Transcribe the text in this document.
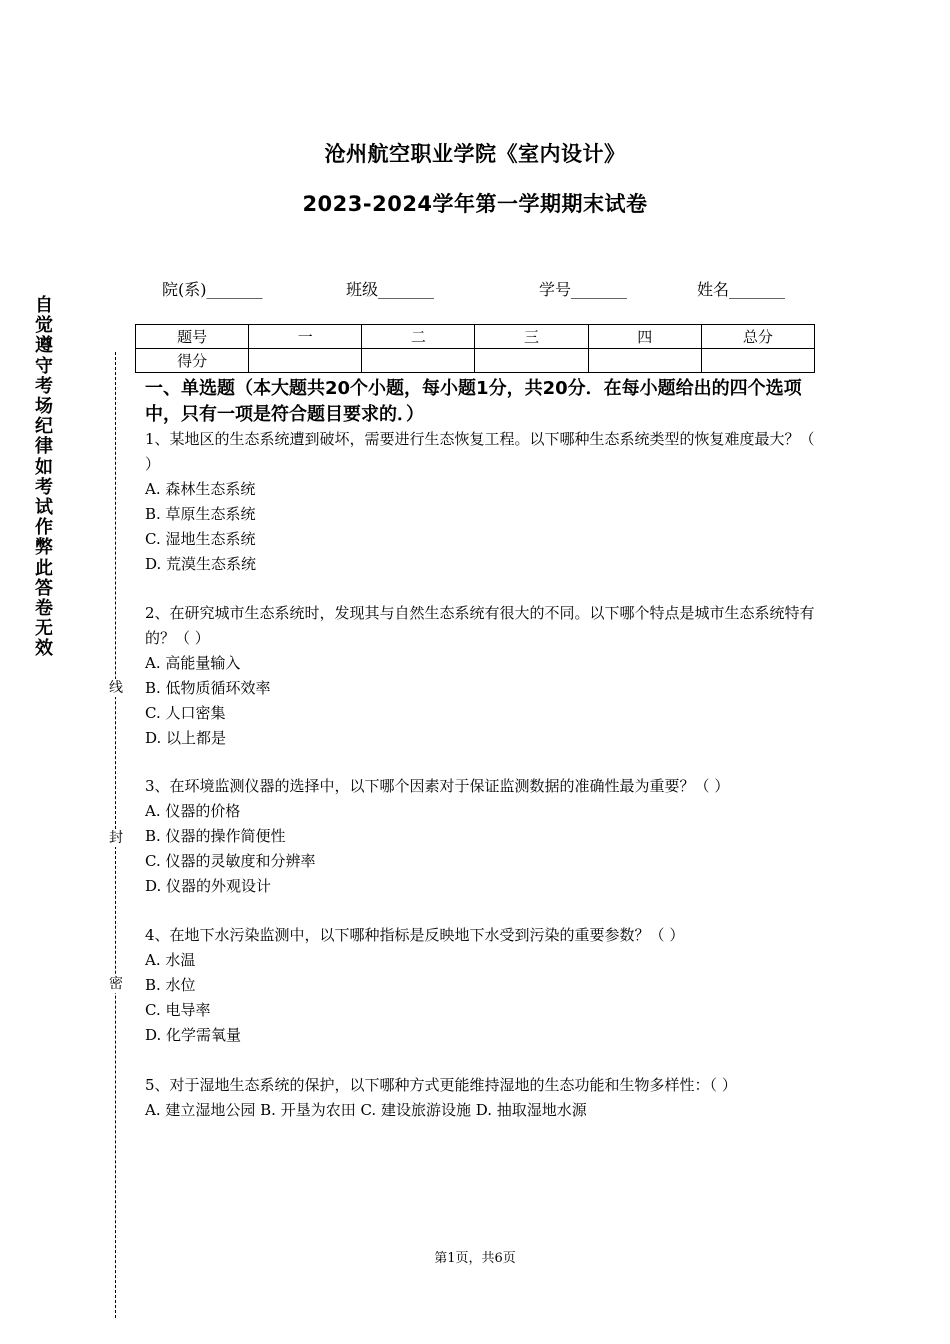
沧州航空职业学院《室内设计》
2023-2024学年第一学期期末试卷
院(系)_______	班级_______	学号_______	姓名_______
题号	一	二	三	四	总分
得分					
自觉遵守考场纪律如考试作弊此答卷无效
线
封
密
一、单选题（本大题共20个小题，每小题1分，共20分．在每小题给出的四个选项中，只有一项是符合题目要求的．）

1、某地区的生态系统遭到破坏，需要进行生态恢复工程。以下哪种生态系统类型的恢复难度最大？（ ）

A. 森林生态系统

B. 草原生态系统

C. 湿地生态系统

D. 荒漠生态系统

2、在研究城市生态系统时，发现其与自然生态系统有很大的不同。以下哪个特点是城市生态系统特有的？（ ）

A. 高能量输入

B. 低物质循环效率

C. 人口密集

D. 以上都是

3、在环境监测仪器的选择中，以下哪个因素对于保证监测数据的准确性最为重要？（ ）

A. 仪器的价格

B. 仪器的操作简便性

C. 仪器的灵敏度和分辨率

D. 仪器的外观设计

4、在地下水污染监测中，以下哪种指标是反映地下水受到污染的重要参数？（ ）

A. 水温

B. 水位

C. 电导率

D. 化学需氧量

5、对于湿地生态系统的保护，以下哪种方式更能维持湿地的生态功能和生物多样性：（ ）

A. 建立湿地公园 B. 开垦为农田 C. 建设旅游设施 D. 抽取湿地水源

第1页，共6页
